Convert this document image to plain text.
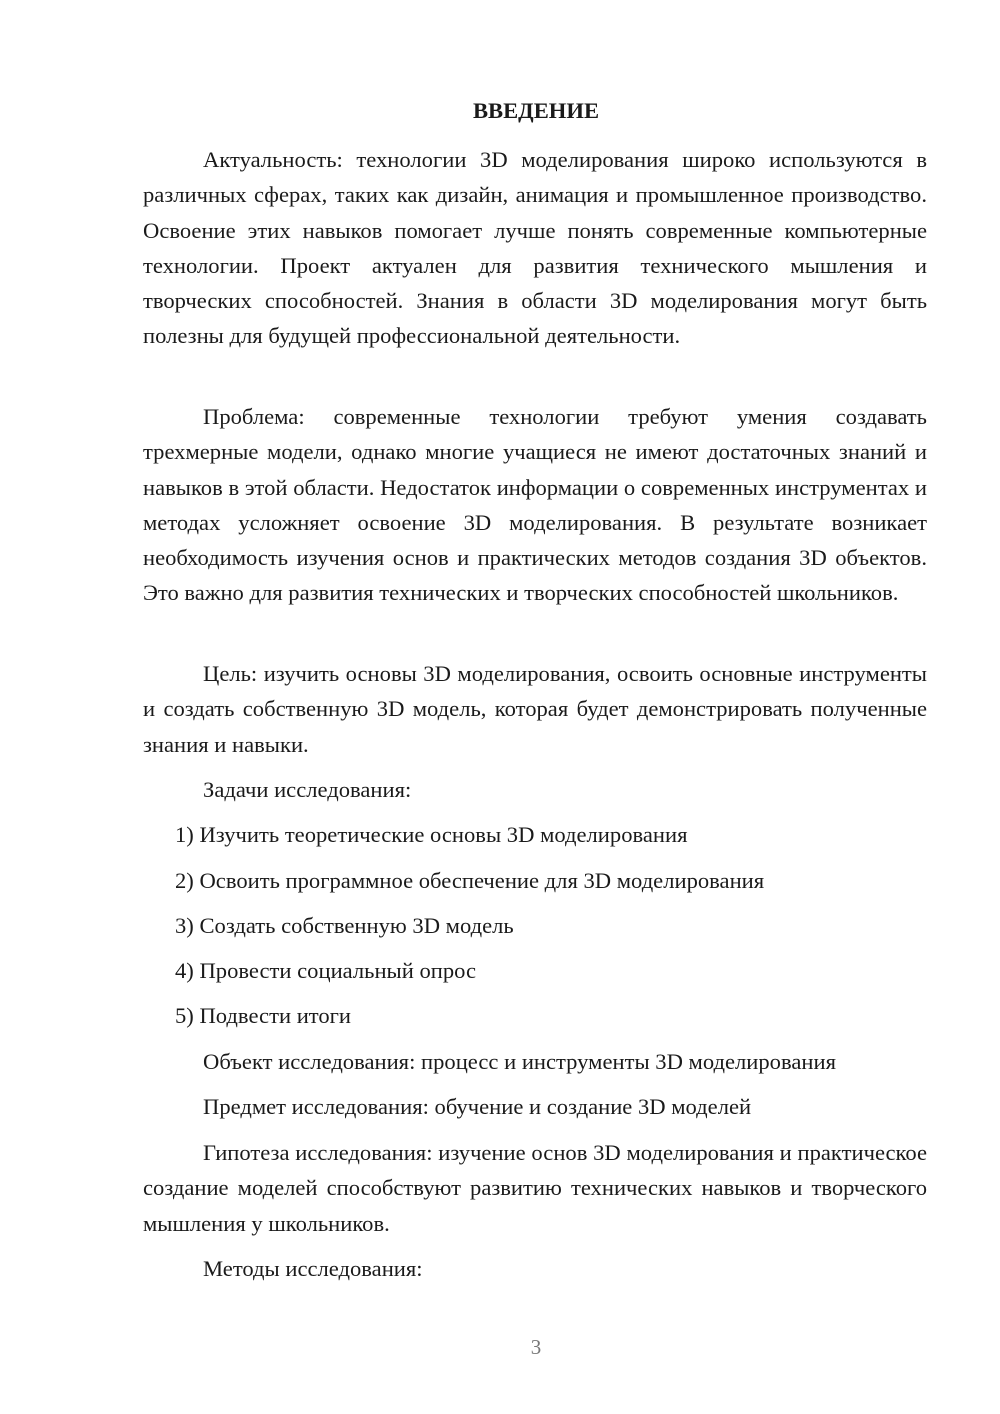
ВВЕДЕНИЕ

Актуальность: технологии 3D моделирования широко используются в различных сферах, таких как дизайн, анимация и промышленное производство. Освоение этих навыков помогает лучше понять современные компьютерные технологии. Проект актуален для развития технического мышления и творческих способностей. Знания в области 3D моделирования могут быть полезны для будущей профессиональной деятельности.

Проблема: современные технологии требуют умения создавать трехмерные модели, однако многие учащиеся не имеют достаточных знаний и навыков в этой области. Недостаток информации о современных инструментах и методах усложняет освоение 3D моделирования. В результате возникает необходимость изучения основ и практических методов создания 3D объектов. Это важно для развития технических и творческих способностей школьников.

Цель: изучить основы 3D моделирования, освоить основные инструменты и создать собственную 3D модель, которая будет демонстрировать полученные знания и навыки.

Задачи исследования:
1) Изучить теоретические основы 3D моделирования
2) Освоить программное обеспечение для 3D моделирования
3) Создать собственную 3D модель
4) Провести социальный опрос
5) Подвести итоги
Объект исследования: процесс и инструменты 3D моделирования
Предмет исследования: обучение и создание 3D моделей

Гипотеза исследования: изучение основ 3D моделирования и практическое создание моделей способствуют развитию технических навыков и творческого мышления у школьников.

Методы исследования:
3
